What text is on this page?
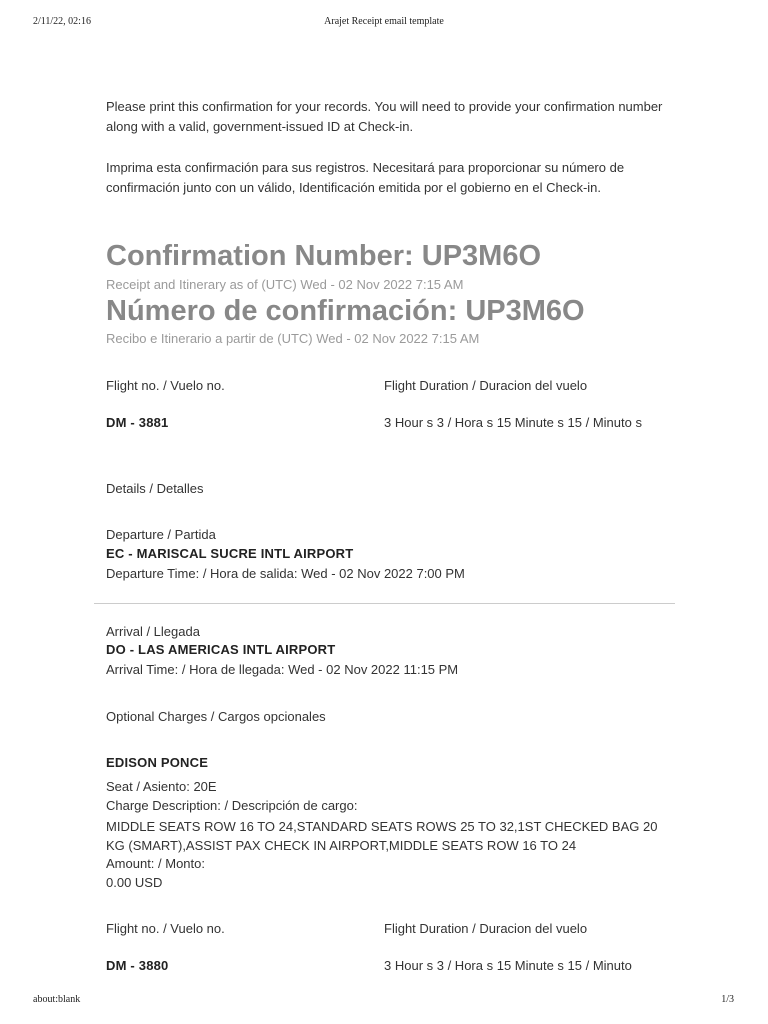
2/11/22, 02:16	Arajet Receipt email template
Please print this confirmation for your records. You will need to provide your confirmation number along with a valid, government-issued ID at Check-in.
Imprima esta confirmación para sus registros. Necesitará para proporcionar su número de confirmación junto con un válido, Identificación emitida por el gobierno en el Check-in.
Confirmation Number: UP3M6O
Receipt and Itinerary as of (UTC) Wed - 02 Nov 2022 7:15 AM
Número de confirmación: UP3M6O
Recibo e Itinerario a partir de (UTC) Wed - 02 Nov 2022 7:15 AM
Flight no. / Vuelo no.	Flight Duration / Duracion del vuelo
DM - 3881	3 Hour s 3 / Hora s 15 Minute s 15 / Minuto s
Details / Detalles
Departure / Partida
EC - MARISCAL SUCRE INTL AIRPORT
Departure Time: / Hora de salida: Wed - 02 Nov 2022 7:00 PM
Arrival / Llegada
DO - LAS AMERICAS INTL AIRPORT
Arrival Time: / Hora de llegada: Wed - 02 Nov 2022 11:15 PM
Optional Charges / Cargos opcionales
EDISON PONCE
Seat / Asiento: 20E
Charge Description: / Descripción de cargo:
MIDDLE SEATS ROW 16 TO 24,STANDARD SEATS ROWS 25 TO 32,1ST CHECKED BAG 20 KG (SMART),ASSIST PAX CHECK IN AIRPORT,MIDDLE SEATS ROW 16 TO 24
Amount: / Monto:
0.00 USD
Flight no. / Vuelo no.	Flight Duration / Duracion del vuelo
DM - 3880	3 Hour s 3 / Hora s 15 Minute s 15 / Minuto
about:blank	1/3
